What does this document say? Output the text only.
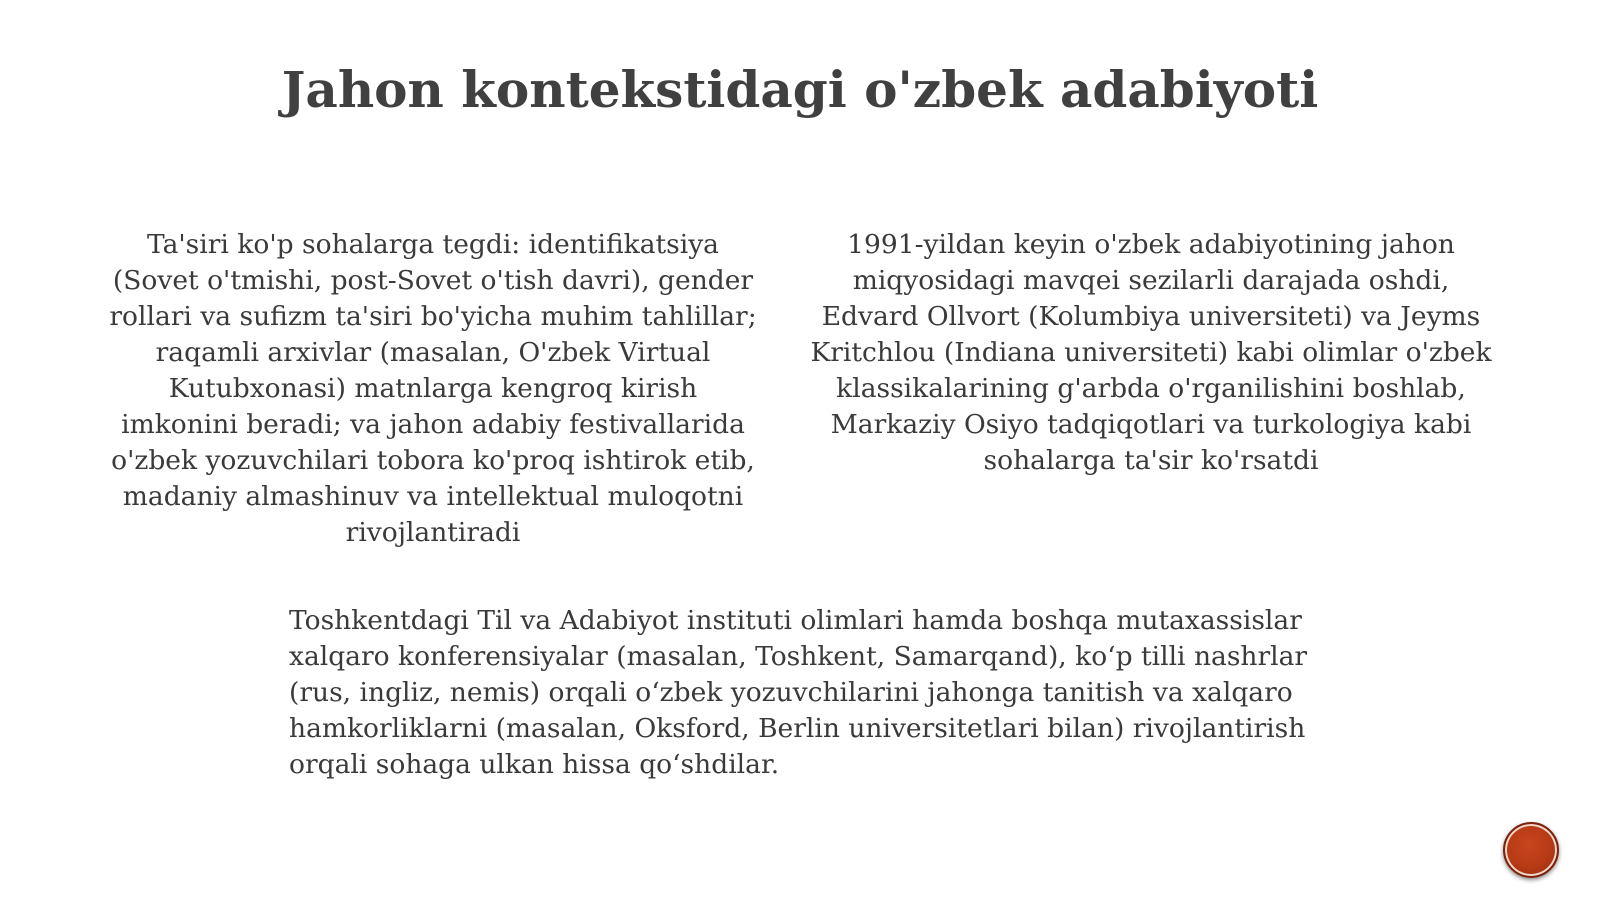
Jahon kontekstidagi o'zbek adabiyoti

Ta'siri ko'p sohalarga tegdi: identifikatsiya (Sovet o'tmishi, post-Sovet o'tish davri), gender rollari va sufizm ta'siri bo'yicha muhim tahlillar; raqamli arxivlar (masalan, O'zbek Virtual Kutubxonasi) matnlarga kengroq kirish imkonini beradi; va jahon adabiy festivallarida o'zbek yozuvchilari tobora ko'proq ishtirok etib, madaniy almashinuv va intellektual muloqotni rivojlantiradi

1991-yildan keyin o'zbek adabiyotining jahon miqyosidagi mavqei sezilarli darajada oshdi, Edvard Ollvort (Kolumbiya universiteti) va Jeyms Kritchlou (Indiana universiteti) kabi olimlar o'zbek klassikalarining g'arbda o'rganilishini boshlab, Markaziy Osiyo tadqiqotlari va turkologiya kabi sohalarga ta'sir ko'rsatdi

Toshkentdagi Til va Adabiyot instituti olimlari hamda boshqa mutaxassislar  xalqaro konferensiyalar (masalan, Toshkent, Samarqand), ko‘p tilli nashrlar (rus, ingliz, nemis) orqali o‘zbek yozuvchilarini jahonga tanitish va xalqaro hamkorliklarni (masalan, Oksford, Berlin universitetlari bilan) rivojlantirish orqali sohaga ulkan hissa qo‘shdilar.
